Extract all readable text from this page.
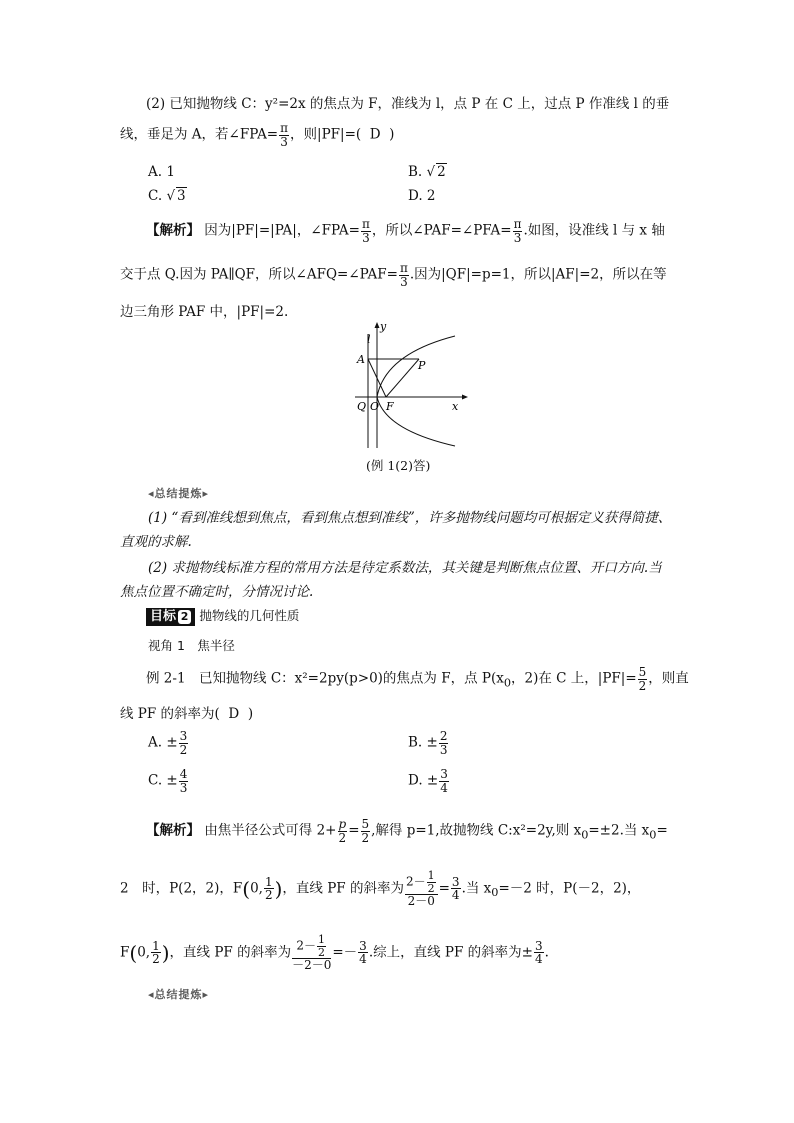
(2) 已知抛物线 C：y²=2x 的焦点为 F，准线为 l，点 P 在 C 上，过点 P 作准线 l 的垂
线，垂足为 A，若∠FPA= $\frac{\pi}{3}$ ，则|PF|=( D )
A. 1	B. √ 2
C. √ 3	D. 2
【解析】 因为|PF|=|PA|，∠FPA= $\frac{\pi}{3}$ ，所以∠PAF=∠PFA= $\frac{\pi}{3}$ .如图，设准线 l 与 x 轴
交于点 Q.因为 PA∥QF，所以∠AFQ=∠PAF= $\frac{\pi}{3}$ .因为|QF|=p=1，所以|AF|=2，所以在等
边三角形 PAF 中，|PF|=2.
y
l
A	P
Q O F	x
(例 1(2)答)
◂总结提炼▸
(1) “看到准线想到焦点，看到焦点想到准线”，许多抛物线问题均可根据定义获得简捷、
直观的求解.
(2) 求抛物线标准方程的常用方法是待定系数法，其关键是判断焦点位置、开口方向.当
焦点位置不确定时，分情况讨论.
目标 2 抛物线的几何性质
视角 1　焦半径
例 2-1　已知抛物线 C：x²=2py(p>0)的焦点为 F，点 $P(x_0$，2)在 C 上，$|PF|= \frac{5}{2}$ ，则直
线 PF 的斜率为( D )
A. ± $\frac{3}{2}$	B. ± $\frac{2}{3}$
C. ± $\frac{4}{3}$	D. ± $\frac{3}{4}$
【解析】 由焦半径公式可得 $2+ \frac{p}{2} = \frac{5}{2}$ ,解得 p=1,故抛物线 C:x²=2y,则 $x_0=\pm 2$.当 $x_0=$
2　时，P(2，2)，F(0, $\frac{1}{2}$ )，直线 PF 的斜率为 $\frac{2- \frac{1}{2}}{2-0} = \frac{3}{4}$ .当 $x_0=-2$ 时，P(－2，2)，
F(0, $\frac{1}{2}$ )，直线 PF 的斜率为 $\frac{2- \frac{1}{2}}{-2-0} =- \frac{3}{4}$ .综上，直线 PF 的斜率为± $\frac{3}{4}$ .
◂总结提炼▸
